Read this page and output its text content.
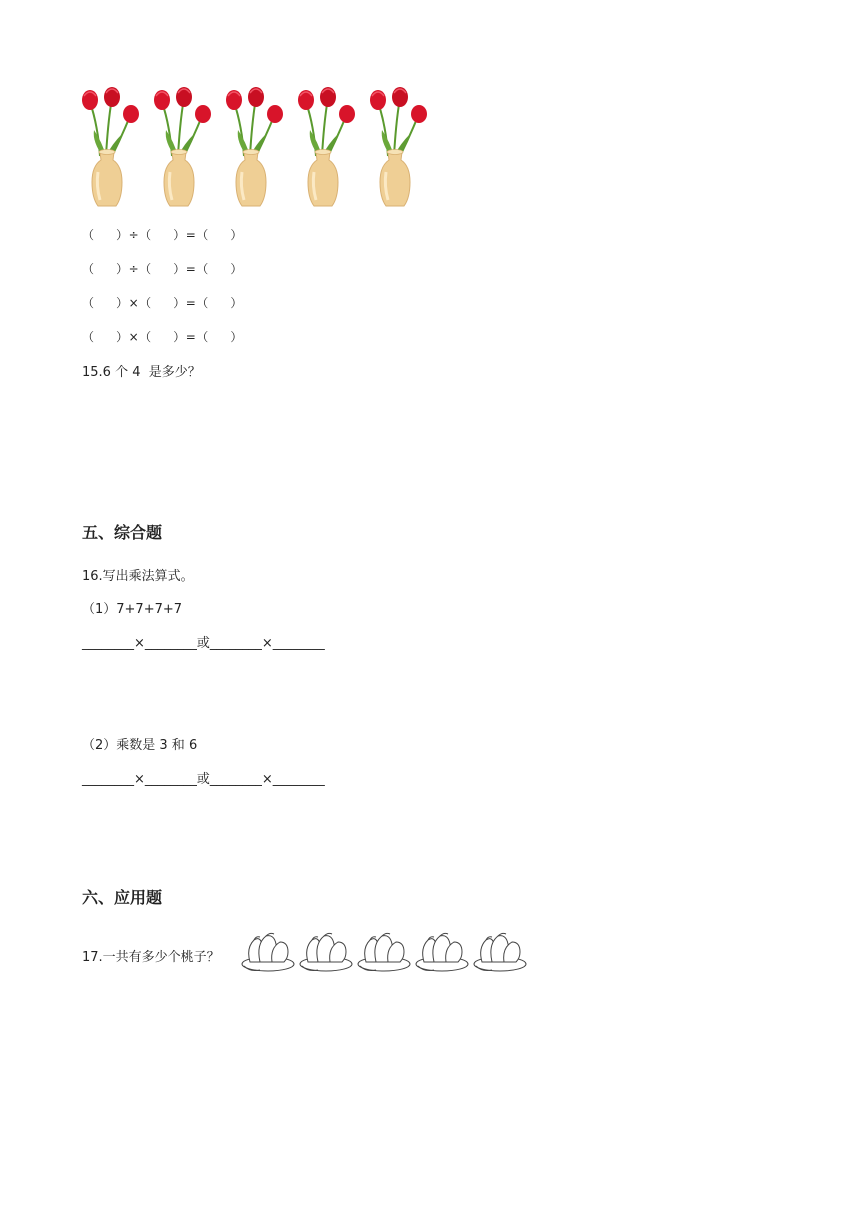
（     ）÷（     ）=（     ）
（     ）÷（     ）=（     ）
（     ）×（     ）=（     ）
（     ）×（     ）=（     ）
15.6 个 4  是多少？
五、综合题
16.写出乘法算式。
（1）7+7+7+7
________×________或________×________
（2）乘数是 3 和 6
________×________或________×________
六、应用题
17.一共有多少个桃子？
